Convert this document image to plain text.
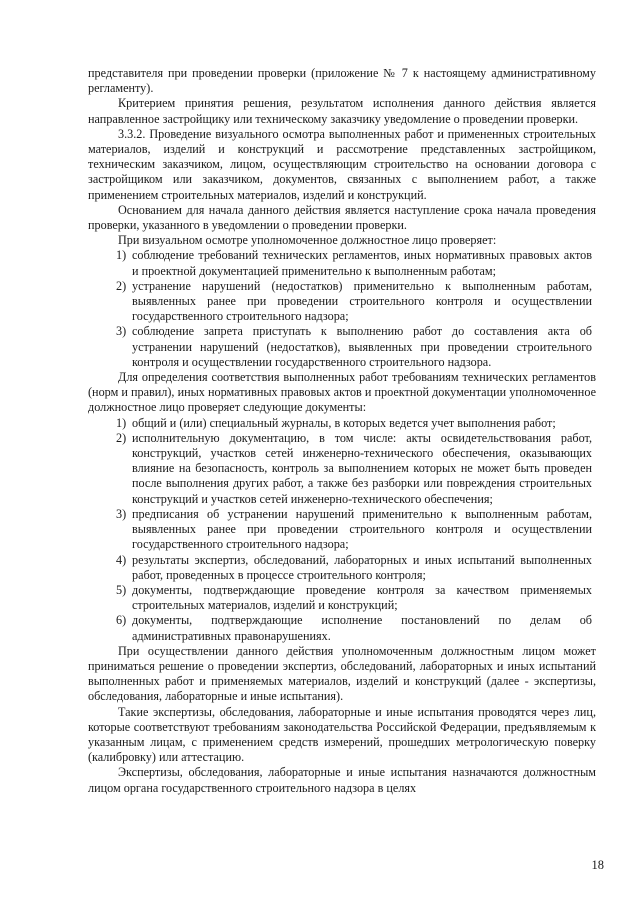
представителя при проведении проверки (приложение № 7 к настоящему административному регламенту).

Критерием принятия решения, результатом исполнения данного действия является направленное застройщику или техническому заказчику уведомление о проведении проверки.

3.3.2. Проведение визуального осмотра выполненных работ и примененных строительных материалов, изделий и конструкций и рассмотрение представленных застройщиком, техническим заказчиком, лицом, осуществляющим строительство на основании договора с застройщиком или заказчиком, документов, связанных с выполнением работ, а также применением строительных материалов, изделий и конструкций.

Основанием для начала данного действия является наступление срока начала проведения проверки, указанного в уведомлении о проведении проверки.

При визуальном осмотре уполномоченное должностное лицо проверяет:

1) соблюдение требований технических регламентов, иных нормативных правовых актов и проектной документацией применительно к выполненным работам;
2) устранение нарушений (недостатков) применительно к выполненным работам, выявленных ранее при проведении строительного контроля и осуществлении государственного строительного надзора;
3) соблюдение запрета приступать к выполнению работ до составления акта об устранении нарушений (недостатков), выявленных при проведении строительного контроля и осуществлении государственного строительного надзора.

Для определения соответствия выполненных работ требованиям технических регламентов (норм и правил), иных нормативных правовых актов и проектной документации уполномоченное должностное лицо проверяет следующие документы:

1) общий и (или) специальный журналы, в которых ведется учет выполнения работ;
2) исполнительную документацию, в том числе: акты освидетельствования работ, конструкций, участков сетей инженерно-технического обеспечения, оказывающих влияние на безопасность, контроль за выполнением которых не может быть проведен после выполнения других работ, а также без разборки или повреждения строительных конструкций и участков сетей инженерно-технического обеспечения;
3) предписания об устранении нарушений применительно к выполненным работам, выявленных ранее при проведении строительного контроля и осуществлении государственного строительного надзора;
4) результаты экспертиз, обследований, лабораторных и иных испытаний выполненных работ, проведенных в процессе строительного контроля;
5) документы, подтверждающие проведение контроля за качеством применяемых строительных материалов, изделий и конструкций;
6) документы, подтверждающие исполнение постановлений по делам об административных правонарушениях.

При осуществлении данного действия уполномоченным должностным лицом может приниматься решение о проведении экспертиз, обследований, лабораторных и иных испытаний выполненных работ и применяемых материалов, изделий и конструкций (далее - экспертизы, обследования, лабораторные и иные испытания).

Такие экспертизы, обследования, лабораторные и иные испытания проводятся через лиц, которые соответствуют требованиям законодательства Российской Федерации, предъявляемым к указанным лицам, с применением средств измерений, прошедших метрологическую поверку (калибровку) или аттестацию.

Экспертизы, обследования, лабораторные и иные испытания назначаются должностным лицом органа государственного строительного надзора в целях

18
